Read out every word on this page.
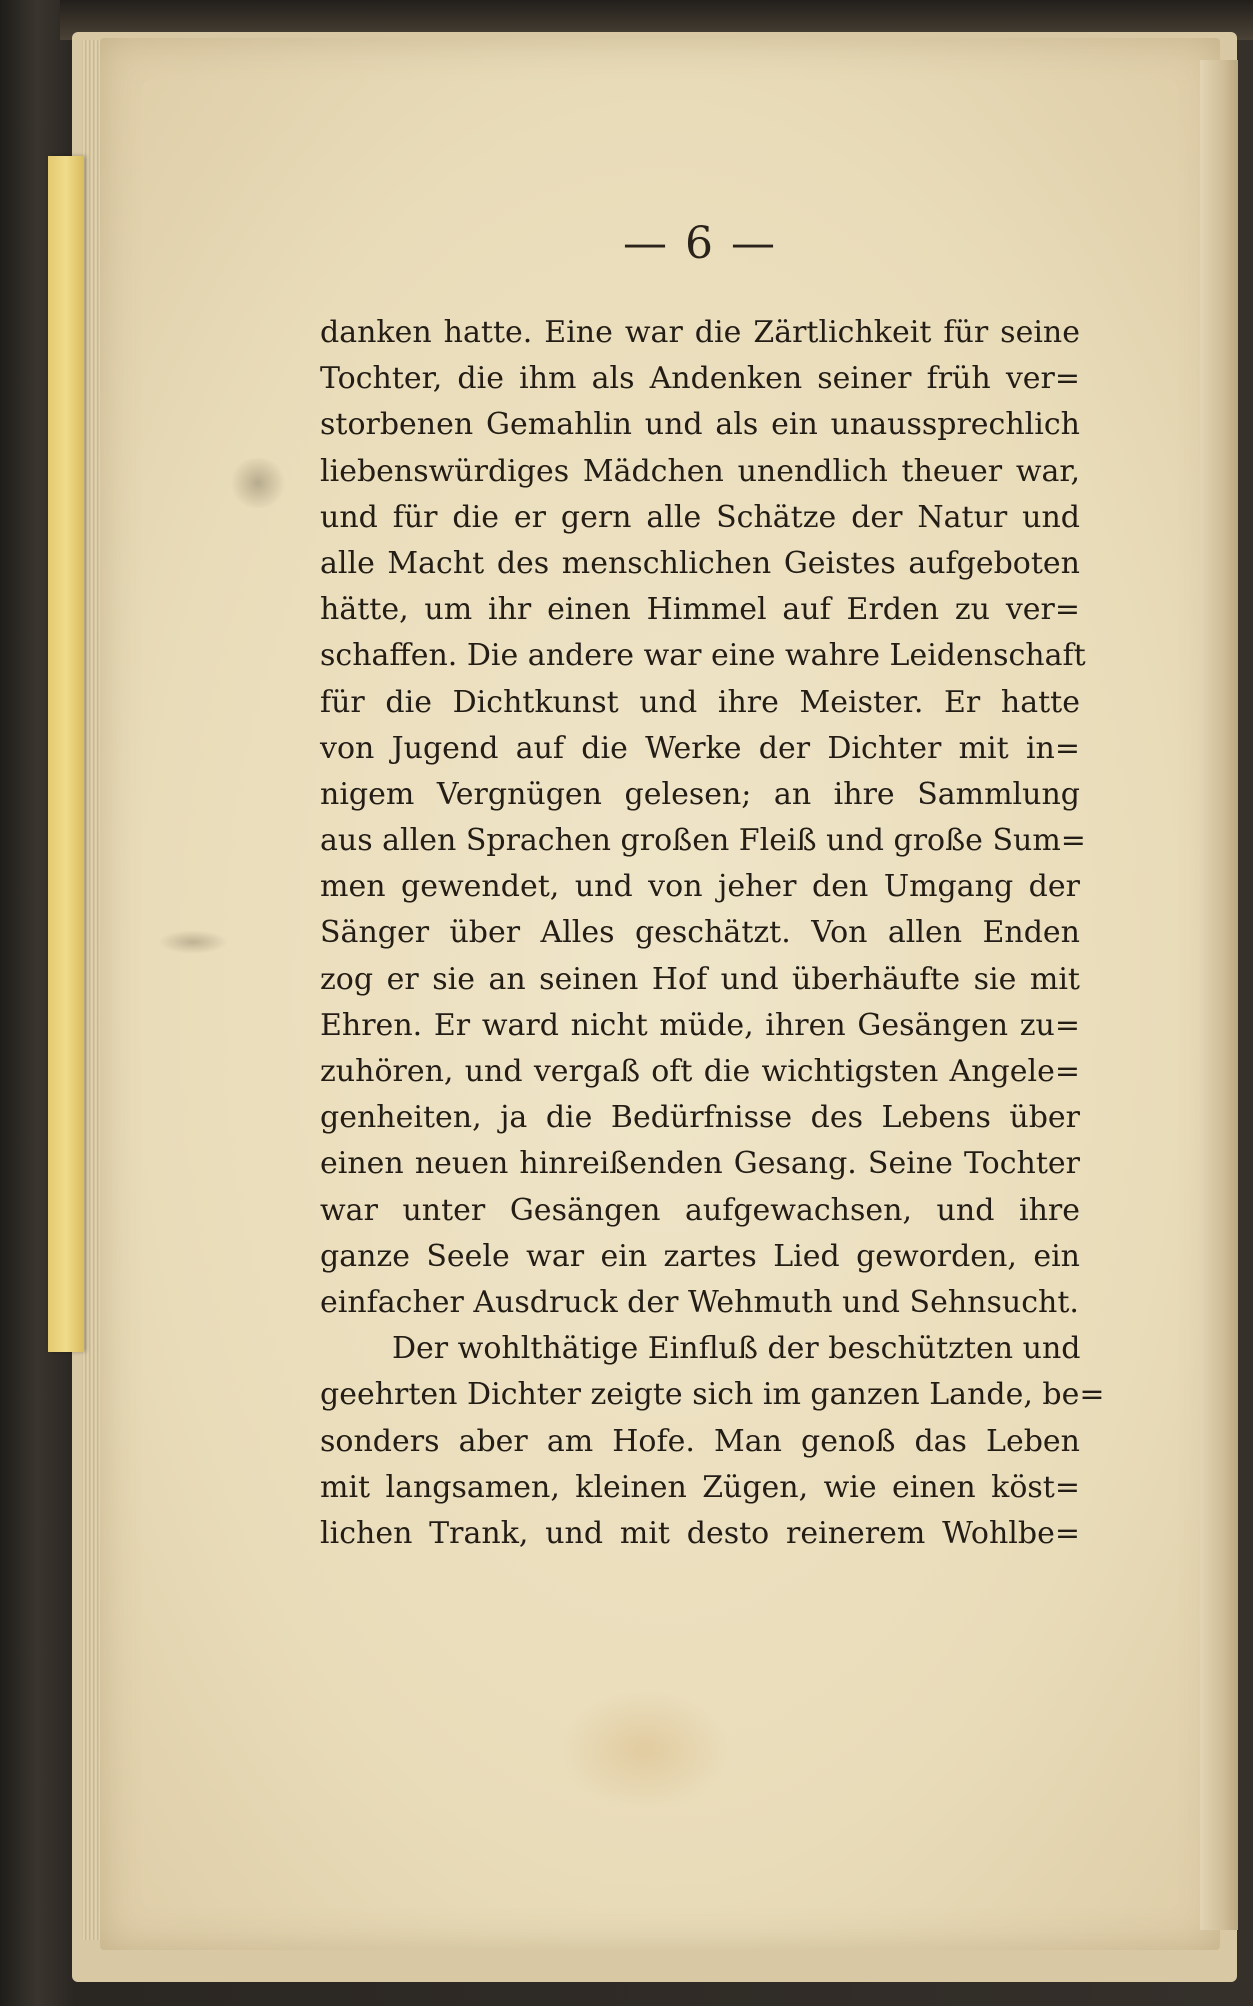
— 6 —
danken hatte. Eine war die Zärtlichkeit für seine
Tochter, die ihm als Andenken seiner früh ver=
storbenen Gemahlin und als ein unaussprechlich
liebenswürdiges Mädchen unendlich theuer war,
und für die er gern alle Schätze der Natur und
alle Macht des menschlichen Geistes aufgeboten
hätte, um ihr einen Himmel auf Erden zu ver=
schaffen. Die andere war eine wahre Leidenschaft
für die Dichtkunst und ihre Meister. Er hatte
von Jugend auf die Werke der Dichter mit in=
nigem Vergnügen gelesen; an ihre Sammlung
aus allen Sprachen großen Fleiß und große Sum=
men gewendet, und von jeher den Umgang der
Sänger über Alles geschätzt. Von allen Enden
zog er sie an seinen Hof und überhäufte sie mit
Ehren. Er ward nicht müde, ihren Gesängen zu=
zuhören, und vergaß oft die wichtigsten Angele=
genheiten, ja die Bedürfnisse des Lebens über
einen neuen hinreißenden Gesang. Seine Tochter
war unter Gesängen aufgewachsen, und ihre
ganze Seele war ein zartes Lied geworden, ein
einfacher Ausdruck der Wehmuth und Sehnsucht.
Der wohlthätige Einfluß der beschützten und
geehrten Dichter zeigte sich im ganzen Lande, be=
sonders aber am Hofe. Man genoß das Leben
mit langsamen, kleinen Zügen, wie einen köst=
lichen Trank, und mit desto reinerem Wohlbe=
